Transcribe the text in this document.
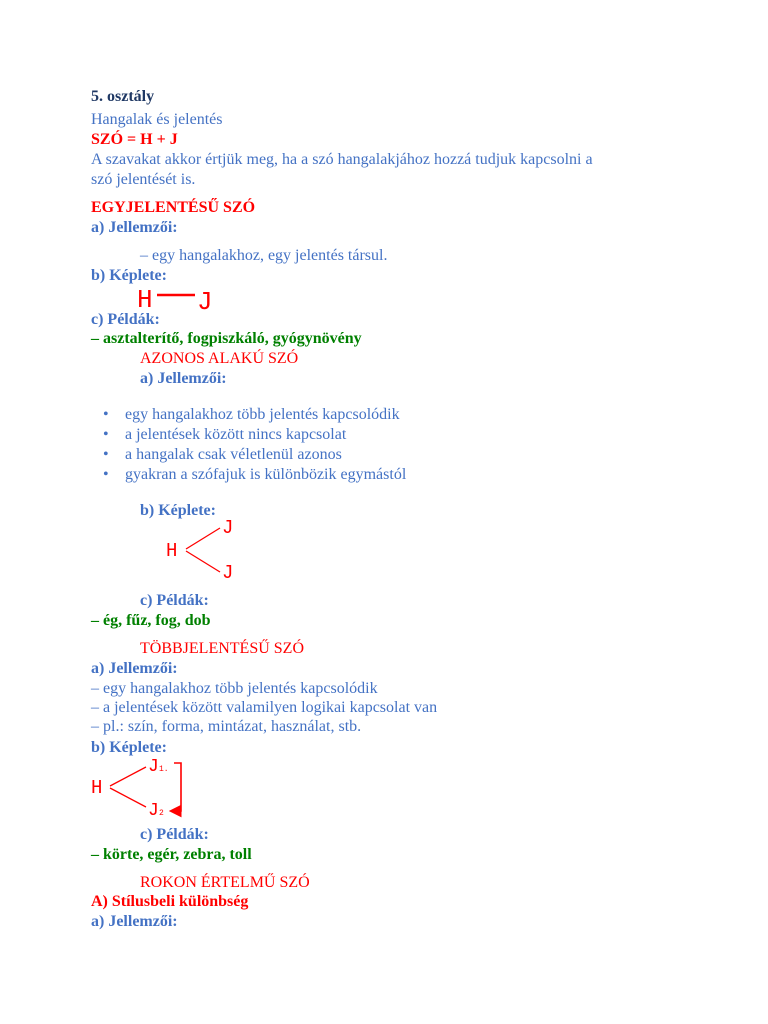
5. osztály
Hangalak és jelentés
SZÓ = H + J
A szavakat akkor értjük meg, ha a szó hangalakjához hozzá tudjuk kapcsolni a
szó jelentését is.
EGYJELENTÉSŰ SZÓ
a) Jellemzői:
– egy hangalakhoz, egy jelentés társul.
b) Képlete:
H J
c) Példák:
– asztalterítő, fogpiszkáló, gyógynövény
AZONOS ALAKÚ SZÓ
a) Jellemzői:
• egy hangalakhoz több jelentés kapcsolódik
• a jelentések között nincs kapcsolat
• a hangalak csak véletlenül azonos
• gyakran a szófajuk is különbözik egymástól
b) Képlete:
H
J
J
c) Példák:
– ég, fűz, fog, dob
TÖBBJELENTÉSŰ SZÓ
a) Jellemzői:
– egy hangalakhoz több jelentés kapcsolódik
– a jelentések között valamilyen logikai kapcsolat van
– pl.: szín, forma, mintázat, használat, stb.
b) Képlete:
H
J 1.
J 2
c) Példák:
– körte, egér, zebra, toll
ROKON ÉRTELMŰ SZÓ
A) Stílusbeli különbség
a) Jellemzői:
